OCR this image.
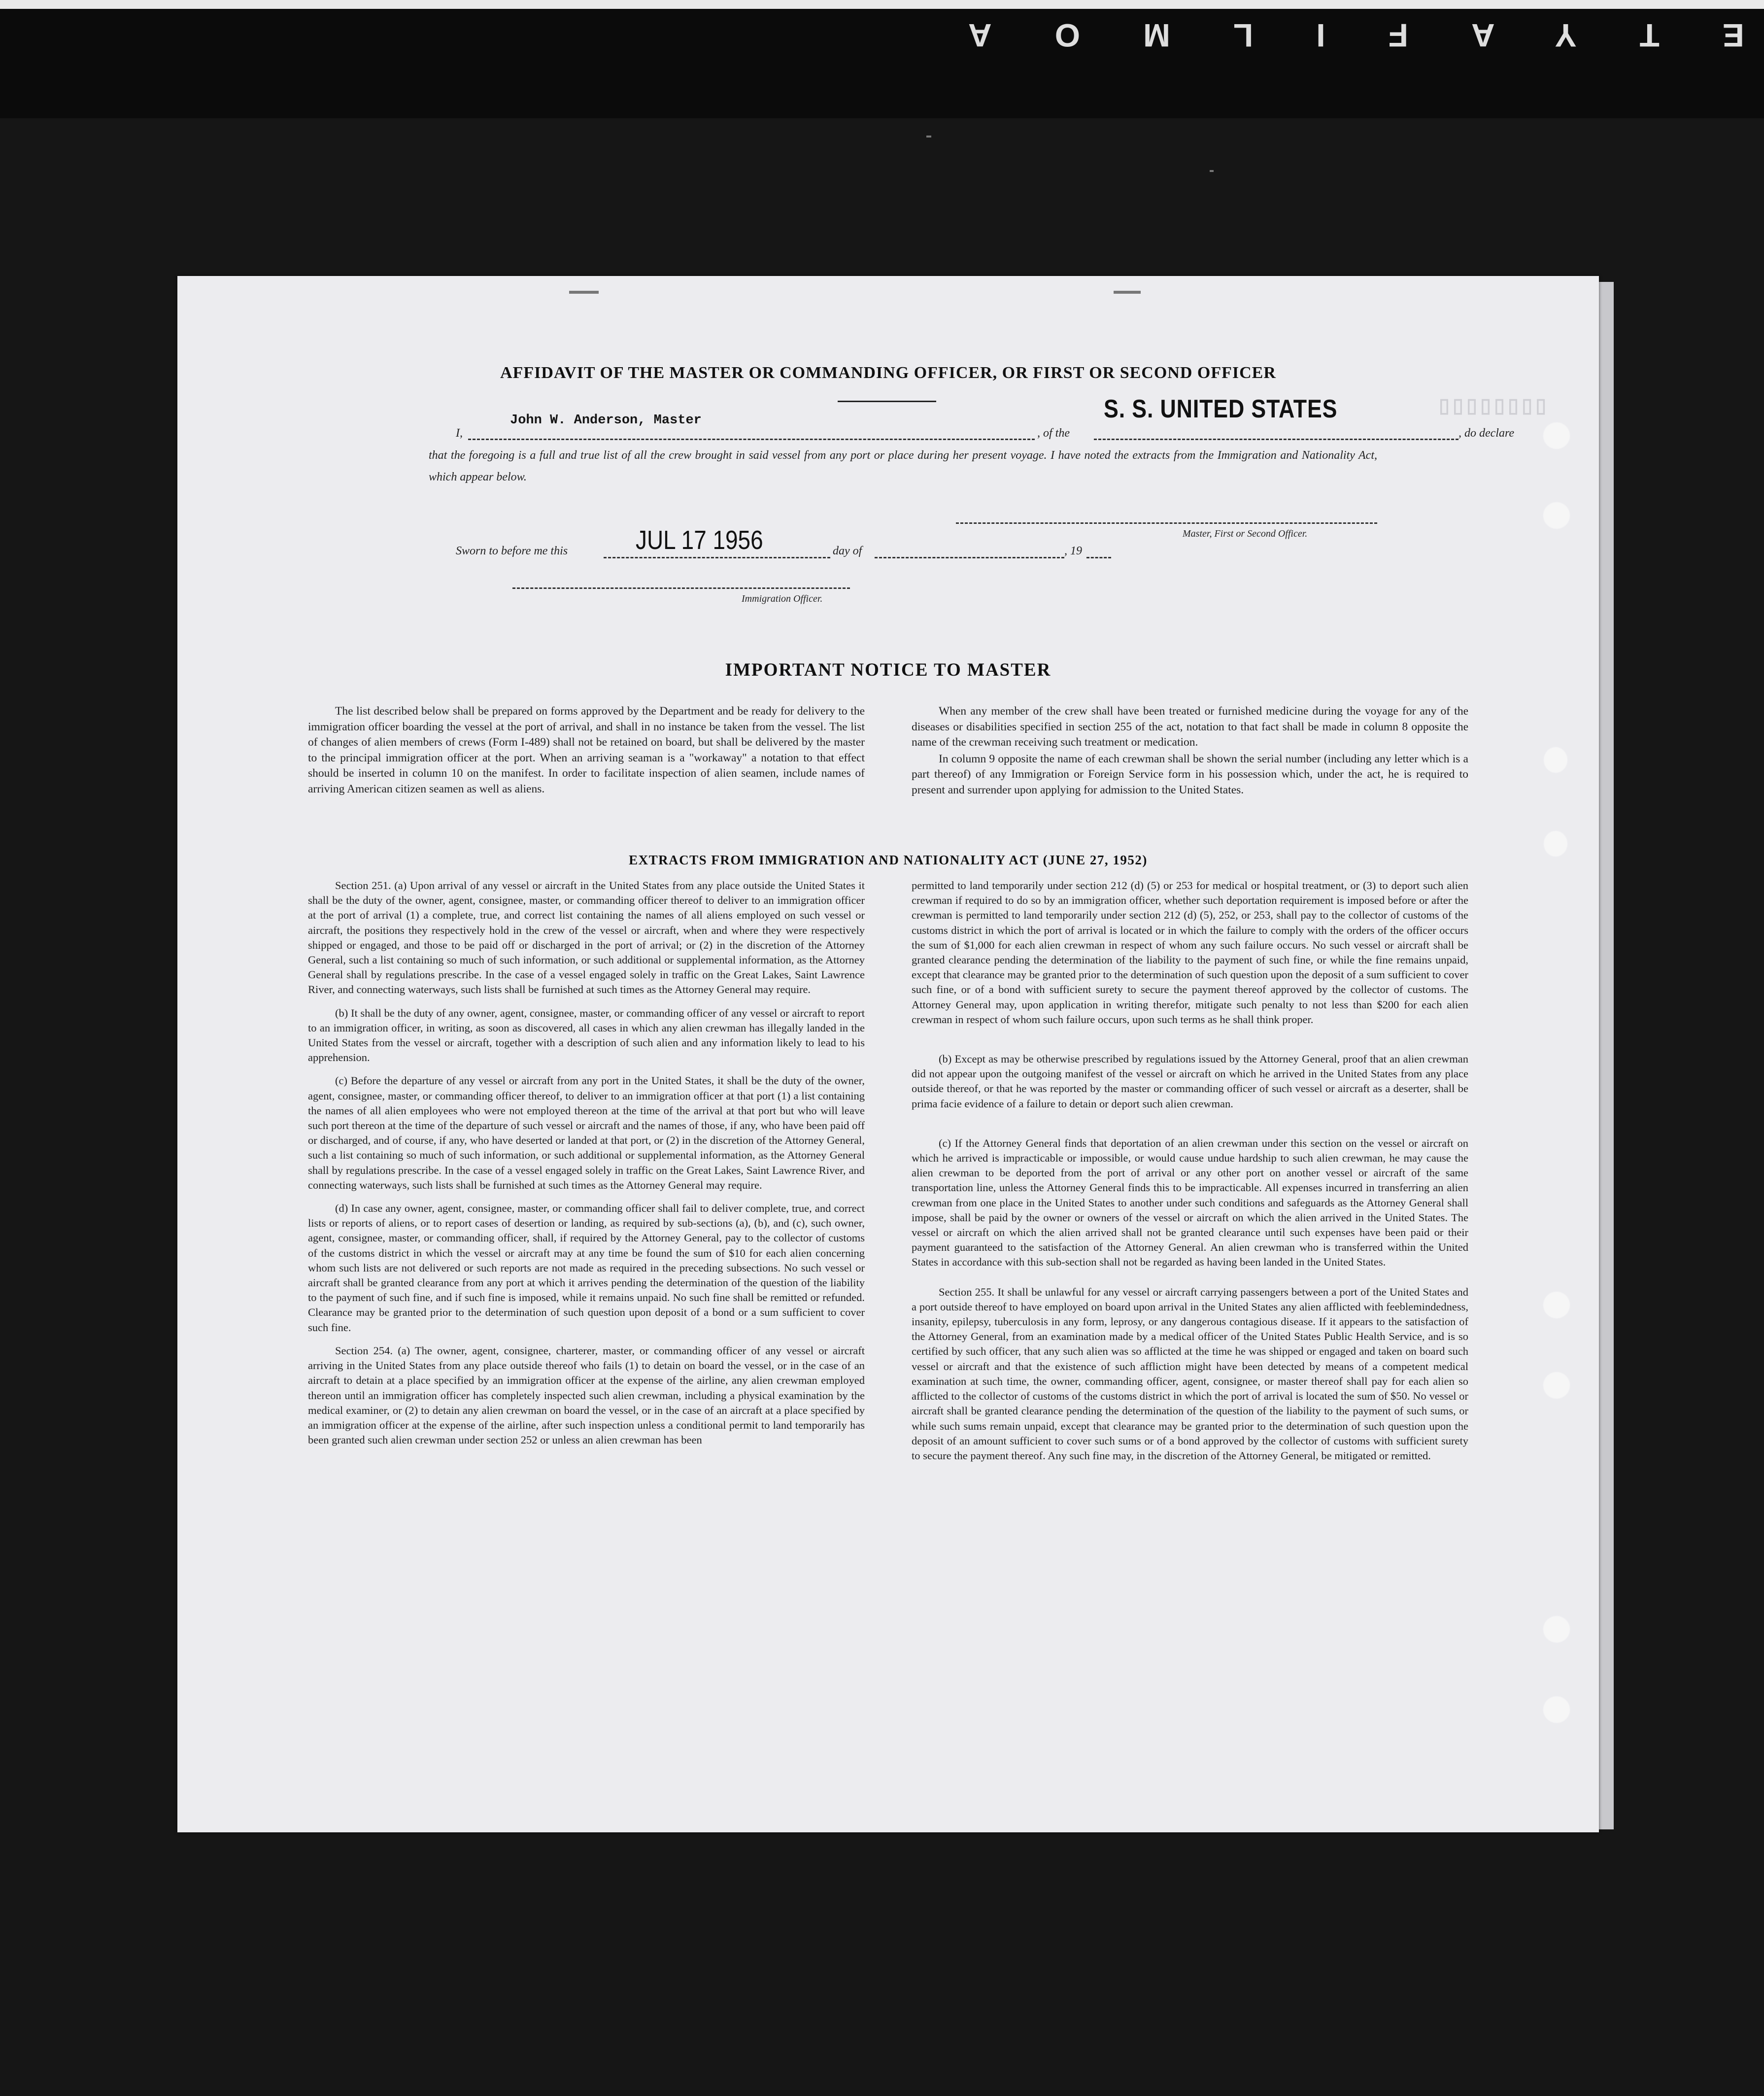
ETYAFILMOA
▯▯▯▯▯▯▯▯
AFFIDAVIT OF THE MASTER OR COMMANDING OFFICER, OR FIRST OR SECOND OFFICER
I,
John W. Anderson, Master
, of the
S. S. UNITED STATES
, do declare
that the foregoing is a full and true list of all the crew brought in said vessel from any port or place during her present voyage. I have noted the extracts from the Immigration and Nationality Act, which appear below.
Master, First or Second Officer.
Sworn to before me this	JUL 17 1956	day of	, 19
Immigration Officer.
IMPORTANT NOTICE TO MASTER

The list described below shall be prepared on forms approved by the Department and be ready for delivery to the immigration officer boarding the vessel at the port of arrival, and shall in no instance be taken from the vessel. The list of changes of alien members of crews (Form I-489) shall not be retained on board, but shall be delivered by the master to the principal immigration officer at the port. When an arriving seaman is a "workaway" a notation to that effect should be inserted in column 10 on the manifest. In order to facilitate inspection of alien seamen, include names of arriving American citizen seamen as well as aliens.

When any member of the crew shall have been treated or furnished medicine during the voyage for any of the diseases or disabilities specified in section 255 of the act, notation to that fact shall be made in column 8 opposite the name of the crewman receiving such treatment or medication.

In column 9 opposite the name of each crewman shall be shown the serial number (including any letter which is a part thereof) of any Immigration or Foreign Service form in his possession which, under the act, he is required to present and surrender upon applying for admission to the United States.

EXTRACTS FROM IMMIGRATION AND NATIONALITY ACT (JUNE 27, 1952)

Section 251. (a) Upon arrival of any vessel or aircraft in the United States from any place outside the United States it shall be the duty of the owner, agent, consignee, master, or commanding officer thereof to deliver to an immigration officer at the port of arrival (1) a complete, true, and correct list containing the names of all aliens employed on such vessel or aircraft, the positions they respectively hold in the crew of the vessel or aircraft, when and where they were respectively shipped or engaged, and those to be paid off or discharged in the port of arrival; or (2) in the discretion of the Attorney General, such a list containing so much of such information, or such additional or supplemental information, as the Attorney General shall by regulations prescribe. In the case of a vessel engaged solely in traffic on the Great Lakes, Saint Lawrence River, and connecting waterways, such lists shall be furnished at such times as the Attorney General may require.

(b) It shall be the duty of any owner, agent, consignee, master, or commanding officer of any vessel or aircraft to report to an immigration officer, in writing, as soon as discovered, all cases in which any alien crewman has illegally landed in the United States from the vessel or aircraft, together with a description of such alien and any information likely to lead to his apprehension.

(c) Before the departure of any vessel or aircraft from any port in the United States, it shall be the duty of the owner, agent, consignee, master, or commanding officer thereof, to deliver to an immigration officer at that port (1) a list containing the names of all alien employees who were not employed thereon at the time of the arrival at that port but who will leave such port thereon at the time of the departure of such vessel or aircraft and the names of those, if any, who have been paid off or discharged, and of course, if any, who have deserted or landed at that port, or (2) in the discretion of the Attorney General, such a list containing so much of such information, or such additional or supplemental information, as the Attorney General shall by regulations prescribe. In the case of a vessel engaged solely in traffic on the Great Lakes, Saint Lawrence River, and connecting waterways, such lists shall be furnished at such times as the Attorney General may require.

(d) In case any owner, agent, consignee, master, or commanding officer shall fail to deliver complete, true, and correct lists or reports of aliens, or to report cases of desertion or landing, as required by sub-sections (a), (b), and (c), such owner, agent, consignee, master, or commanding officer, shall, if required by the Attorney General, pay to the collector of customs of the customs district in which the vessel or aircraft may at any time be found the sum of $10 for each alien concerning whom such lists are not delivered or such reports are not made as required in the preceding subsections. No such vessel or aircraft shall be granted clearance from any port at which it arrives pending the determination of the question of the liability to the payment of such fine, and if such fine is imposed, while it remains unpaid. No such fine shall be remitted or refunded. Clearance may be granted prior to the determination of such question upon deposit of a bond or a sum sufficient to cover such fine.

Section 254. (a) The owner, agent, consignee, charterer, master, or commanding officer of any vessel or aircraft arriving in the United States from any place outside thereof who fails (1) to detain on board the vessel, or in the case of an aircraft to detain at a place specified by an immigration officer at the expense of the airline, any alien crewman employed thereon until an immigration officer has completely inspected such alien crewman, including a physical examination by the medical examiner, or (2) to detain any alien crewman on board the vessel, or in the case of an aircraft at a place specified by an immigration officer at the expense of the airline, after such inspection unless a conditional permit to land temporarily has been granted such alien crewman under section 252 or unless an alien crewman has been

permitted to land temporarily under section 212 (d) (5) or 253 for medical or hospital treatment, or (3) to deport such alien crewman if required to do so by an immigration officer, whether such deportation requirement is imposed before or after the crewman is permitted to land temporarily under section 212 (d) (5), 252, or 253, shall pay to the collector of customs of the customs district in which the port of arrival is located or in which the failure to comply with the orders of the officer occurs the sum of $1,000 for each alien crewman in respect of whom any such failure occurs. No such vessel or aircraft shall be granted clearance pending the determination of the liability to the payment of such fine, or while the fine remains unpaid, except that clearance may be granted prior to the determination of such question upon the deposit of a sum sufficient to cover such fine, or of a bond with sufficient surety to secure the payment thereof approved by the collector of customs. The Attorney General may, upon application in writing therefor, mitigate such penalty to not less than $200 for each alien crewman in respect of whom such failure occurs, upon such terms as he shall think proper.

(b) Except as may be otherwise prescribed by regulations issued by the Attorney General, proof that an alien crewman did not appear upon the outgoing manifest of the vessel or aircraft on which he arrived in the United States from any place outside thereof, or that he was reported by the master or commanding officer of such vessel or aircraft as a deserter, shall be prima facie evidence of a failure to detain or deport such alien crewman.

(c) If the Attorney General finds that deportation of an alien crewman under this section on the vessel or aircraft on which he arrived is impracticable or impossible, or would cause undue hardship to such alien crewman, he may cause the alien crewman to be deported from the port of arrival or any other port on another vessel or aircraft of the same transportation line, unless the Attorney General finds this to be impracticable. All expenses incurred in transferring an alien crewman from one place in the United States to another under such conditions and safeguards as the Attorney General shall impose, shall be paid by the owner or owners of the vessel or aircraft on which the alien arrived in the United States. The vessel or aircraft on which the alien arrived shall not be granted clearance until such expenses have been paid or their payment guaranteed to the satisfaction of the Attorney General. An alien crewman who is transferred within the United States in accordance with this sub-section shall not be regarded as having been landed in the United States.

Section 255. It shall be unlawful for any vessel or aircraft carrying passengers between a port of the United States and a port outside thereof to have employed on board upon arrival in the United States any alien afflicted with feeblemindedness, insanity, epilepsy, tuberculosis in any form, leprosy, or any dangerous contagious disease. If it appears to the satisfaction of the Attorney General, from an examination made by a medical officer of the United States Public Health Service, and is so certified by such officer, that any such alien was so afflicted at the time he was shipped or engaged and taken on board such vessel or aircraft and that the existence of such affliction might have been detected by means of a competent medical examination at such time, the owner, commanding officer, agent, consignee, or master thereof shall pay for each alien so afflicted to the collector of customs of the customs district in which the port of arrival is located the sum of $50. No vessel or aircraft shall be granted clearance pending the determination of the question of the liability to the payment of such sums, or while such sums remain unpaid, except that clearance may be granted prior to the determination of such question upon the deposit of an amount sufficient to cover such sums or of a bond approved by the collector of customs with sufficient surety to secure the payment thereof. Any such fine may, in the discretion of the Attorney General, be mitigated or remitted.
